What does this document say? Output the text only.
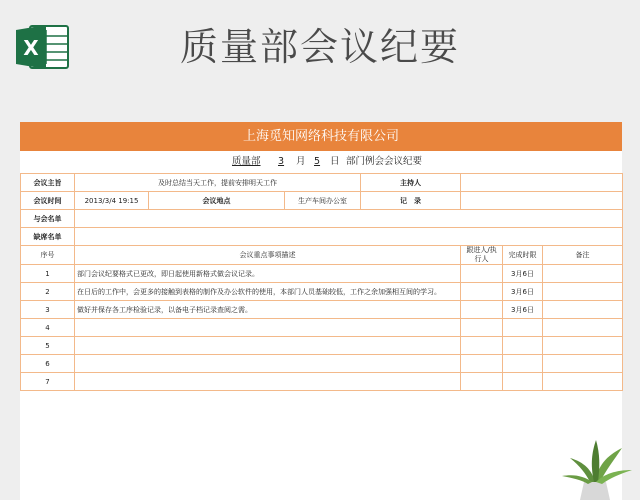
X	质量部会议纪要
上海觅知网络科技有限公司
质量部 3 月 5 日 部门例会会议纪要
会议主旨	及时总结当天工作，提前安排明天工作			主持人			
会议时间	2013/3/4 19:15	会议地点	生产车间办公室	记　录			
与会名单							
缺席名单							
序号	会议重点事项描述				跟进人/执行人	完成时限	备注
1	部门会议纪要格式已更改，即日起使用新格式做会议记录。					3月6日	
2	在日后的工作中，会更多的接触到表格的制作及办公软件的使用，本部门人员基础较低，工作之余加强相互间的学习。					3月6日	
3	做好并保存各工序检验记录，以备电子档记录查阅之需。					3月6日	
4							
5							
6							
7							
